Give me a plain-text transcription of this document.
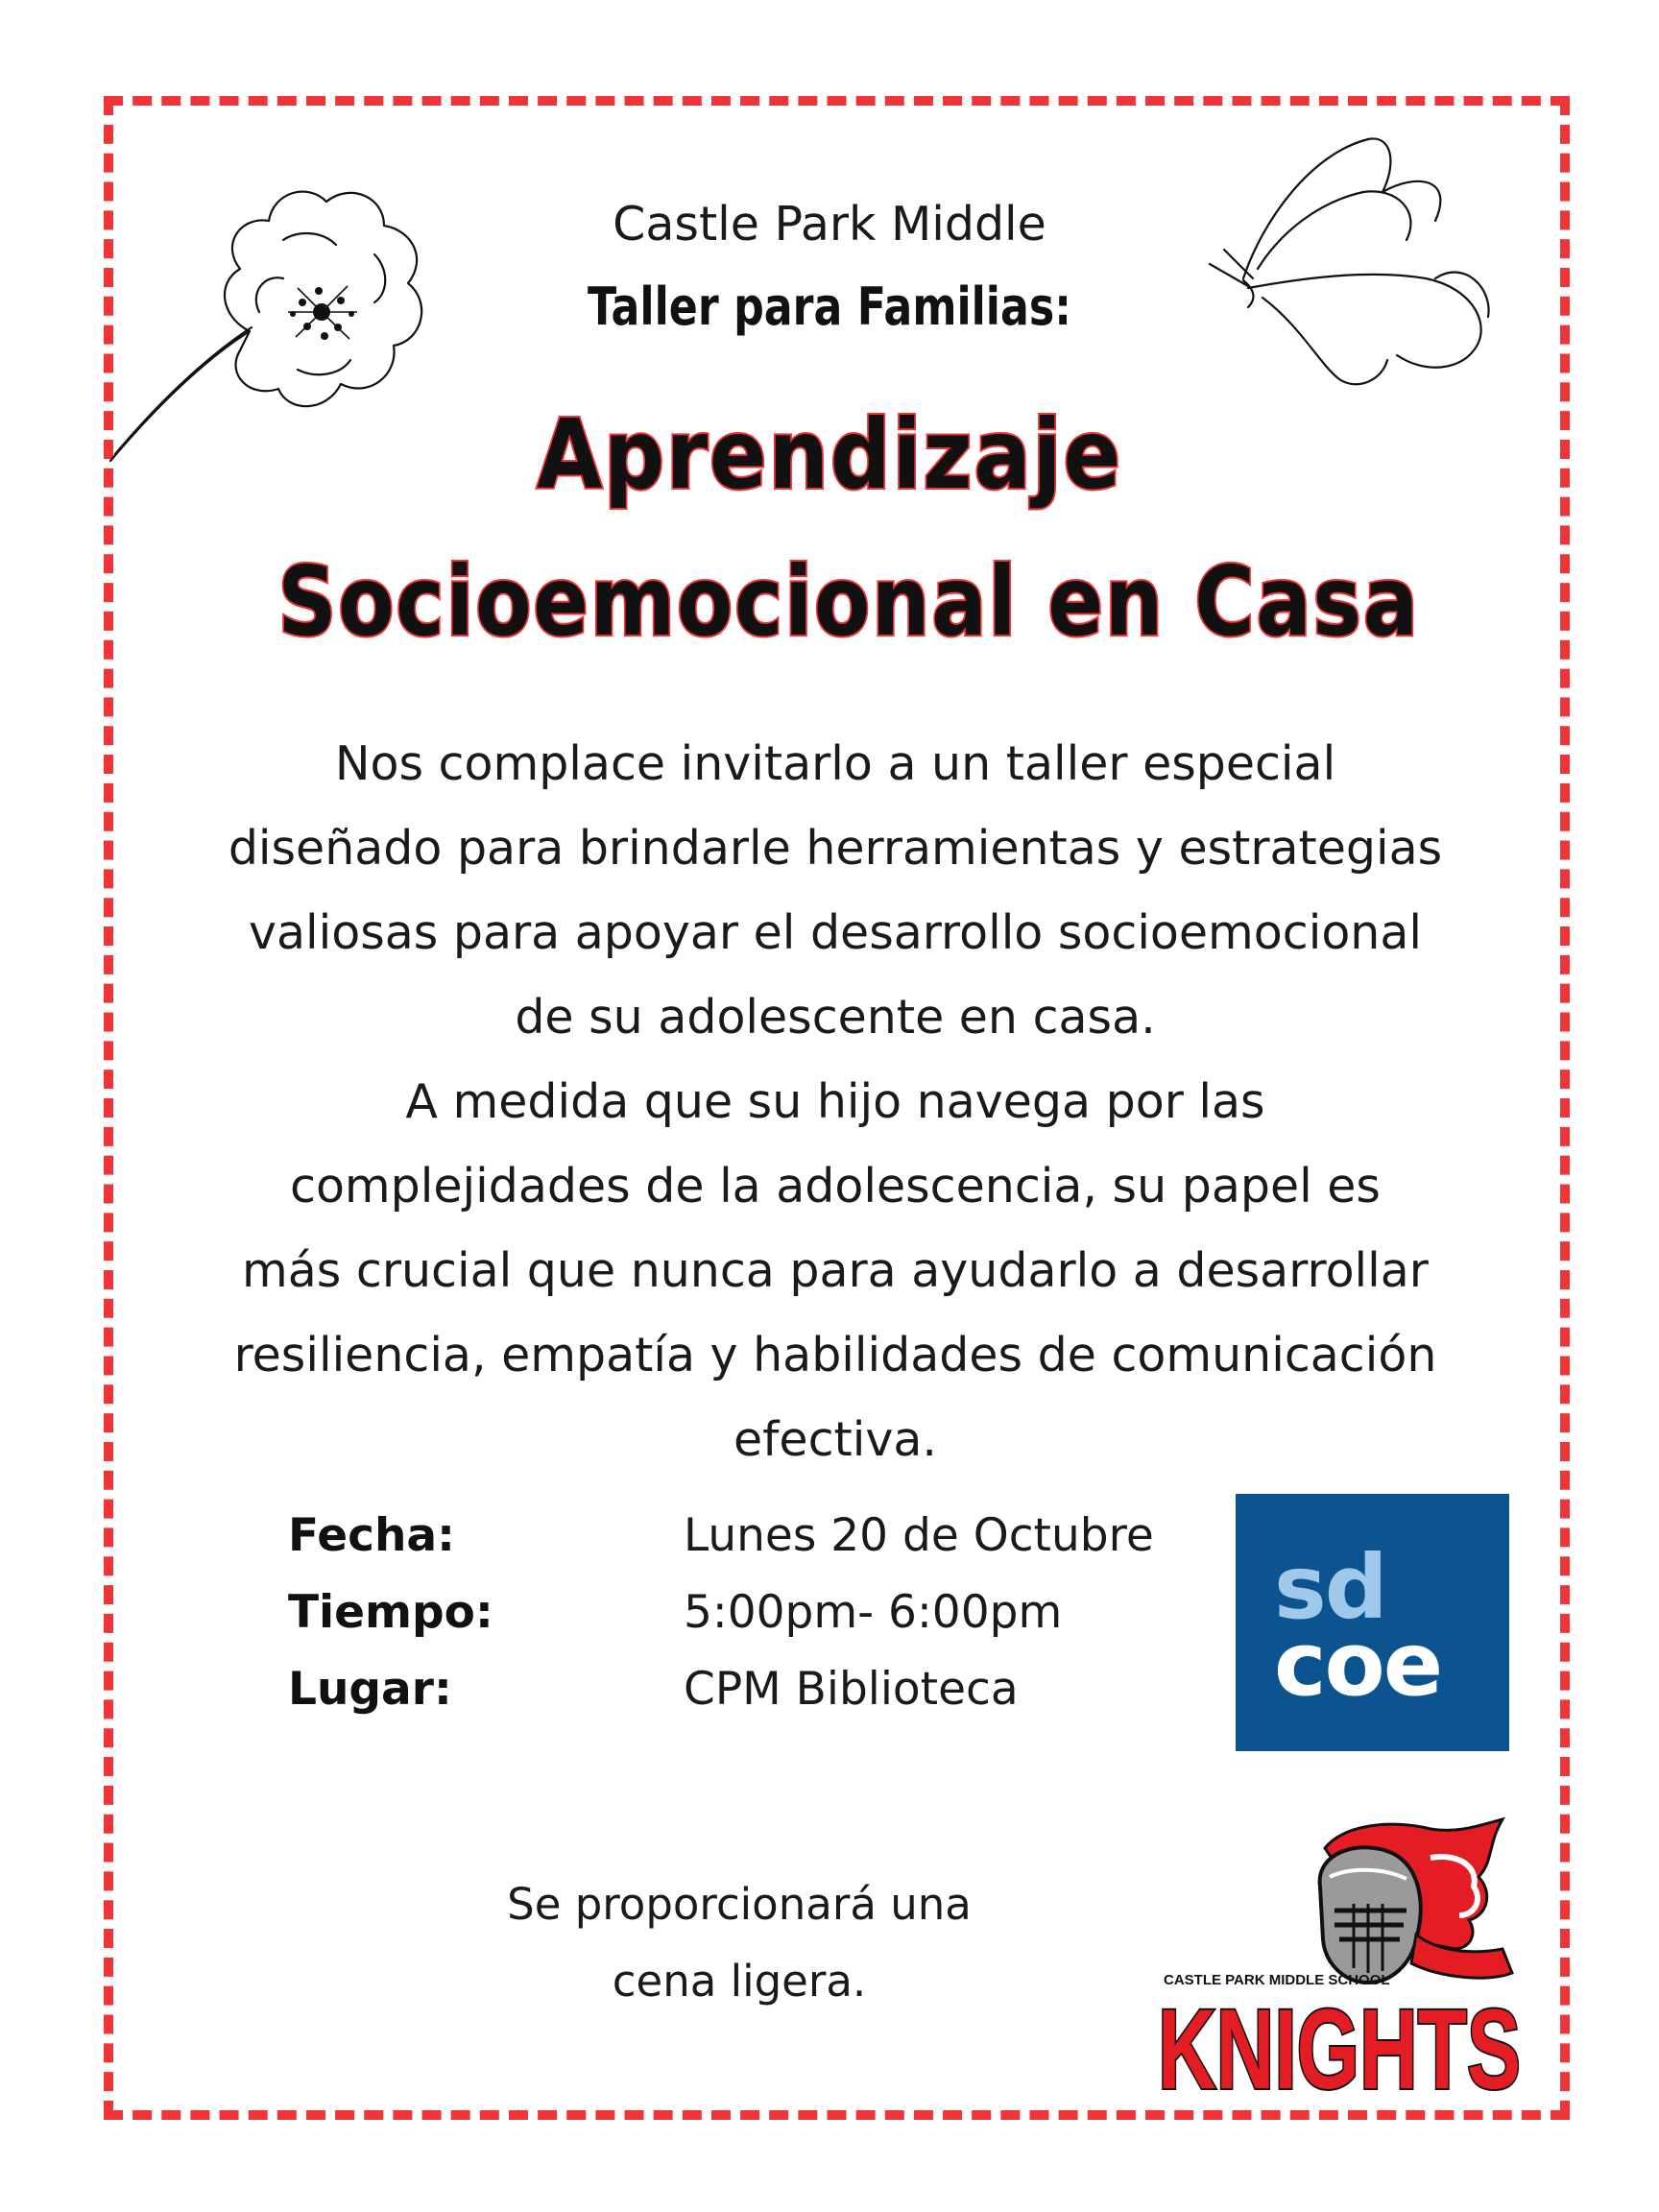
Castle Park Middle
Taller para Familias:
Aprendizaje
Socioemocional en Casa
Nos complace invitarlo a un taller especial
diseñado para brindarle herramientas y estrategias
valiosas para apoyar el desarrollo socioemocional
de su adolescente en casa.
A medida que su hijo navega por las
complejidades de la adolescencia, su papel es
más crucial que nunca para ayudarlo a desarrollar
resiliencia, empatía y habilidades de comunicación
efectiva.
Fecha:	Lunes 20 de Octubre
Tiempo:	5:00pm- 6:00pm
Lugar:	CPM Biblioteca
sd
coe
Se proporcionará una
cena ligera.	CASTLE PARK MIDDLE SCHOOL
KNIGHTS
